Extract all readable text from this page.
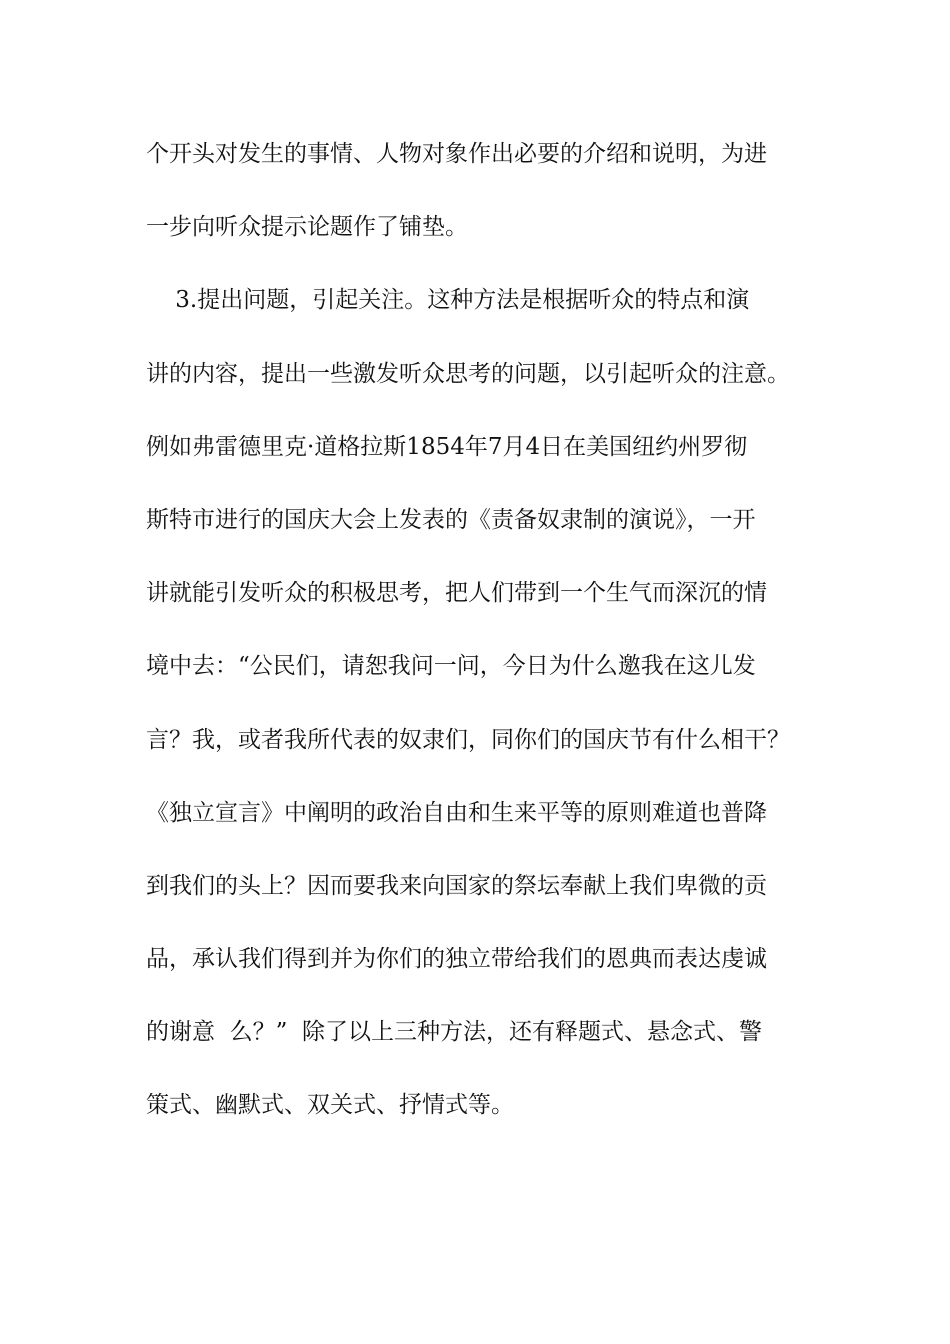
个开头对发生的事情、人物对象作出必要的介绍和说明，为进
一步向听众提示论题作了铺垫。
3.提出问题，引起关注。这种方法是根据听众的特点和演
讲的内容，提出一些激发听众思考的问题，以引起听众的注意。
例如弗雷德里克·道格拉斯1854年7月4日在美国纽约州罗彻
斯特市进行的国庆大会上发表的《责备奴隶制的演说》，一开
讲就能引发听众的积极思考，把人们带到一个生气而深沉的情
境中去：“公民们，请恕我问一问，今日为什么邀我在这儿发
言？我，或者我所代表的奴隶们，同你们的国庆节有什么相干？
《独立宣言》中阐明的政治自由和生来平等的原则难道也普降
到我们的头上？因而要我来向国家的祭坛奉献上我们卑微的贡
品，承认我们得到并为你们的独立带给我们的恩典而表达虔诚
的谢意  么？”  除了以上三种方法，还有释题式、悬念式、警
策式、幽默式、双关式、抒情式等。
